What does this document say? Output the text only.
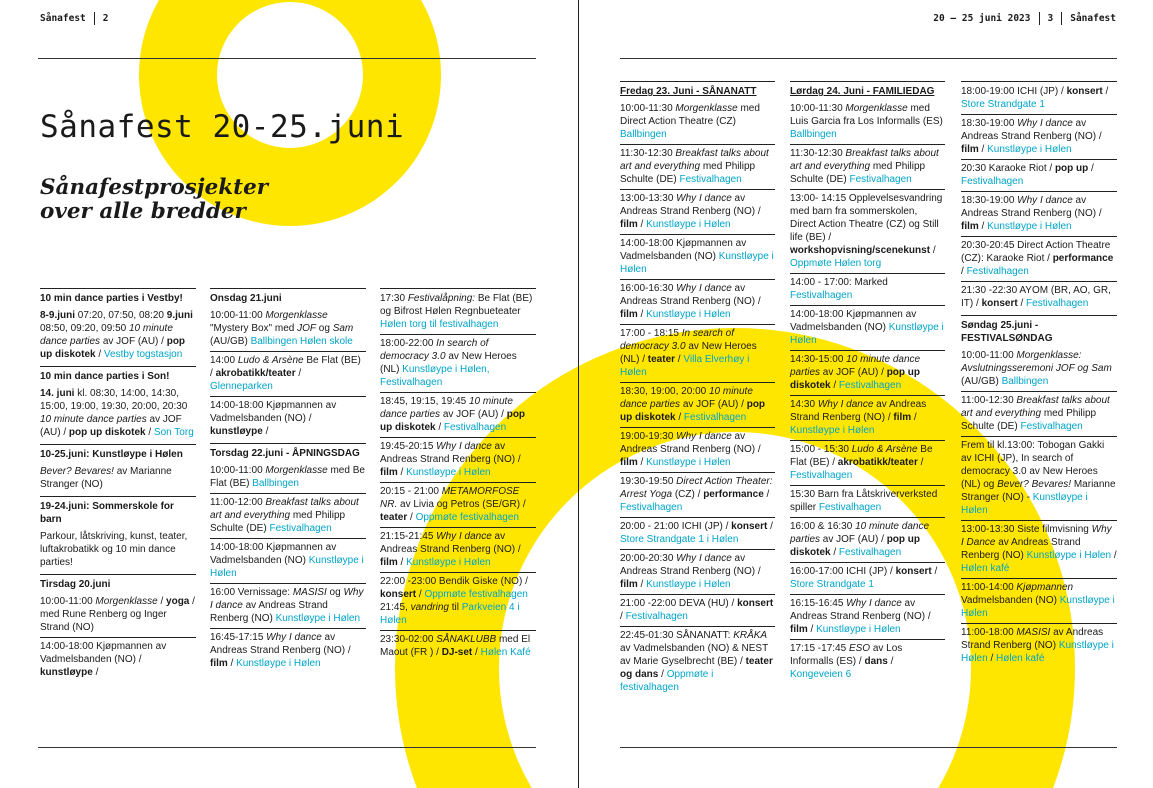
Sånafest 2	20 – 25 juni 2023 3 Sånafest
Sånafest 20-25.juni
Sånafestprosjekter
over alle bredder
10 min dance parties i Vestby!
8-9.juni 07:20, 07:50, 08:20 9.juni 08:50, 09:20, 09:50 10 minute dance parties av JOF (AU) / pop up diskotek / Vestby togstasjon
10 min dance parties i Son!
14. juni kl. 08:30, 14:00, 14:30, 15:00, 19:00, 19:30, 20:00, 20:30 10 minute dance parties av JOF (AU) / pop up diskotek / Son Torg
10-25.juni: Kunstløype i Hølen
Bever? Bevares! av Marianne Stranger (NO)
19-24.juni: Sommerskole for barn
Parkour, låtskriving, kunst, teater, luftakrobatikk og 10 min dance parties!
Tirsdag 20.juni
10:00-11:00 Morgenklasse / yoga / med Rune Renberg og Inger Strand (NO)
14:00-18:00 Kjøpmannen av Vadmelsbanden (NO) / kunstløype /
Onsdag 21.juni
10:00-11:00 Morgenklasse "Mystery Box" med JOF og Sam (AU/GB) Ballbingen Hølen skole
14:00 Ludo & Arsène Be Flat (BE) / akrobatikk/teater / Glenneparken
14:00-18:00 Kjøpmannen av Vadmelsbanden (NO) / kunstløype /
Torsdag 22.juni - ÅPNINGSDAG
10:00-11:00 Morgenklasse med Be Flat (BE) Ballbingen
11:00-12:00 Breakfast talks about art and everything med Philipp Schulte (DE) Festivalhagen
14:00-18:00 Kjøpmannen av Vadmelsbanden (NO) Kunstløype i Hølen
16:00 Vernissage: MASISI og Why I dance av Andreas Strand Renberg (NO) Kunstløype i Hølen
16:45-17:15 Why I dance av Andreas Strand Renberg (NO) / film / Kunstløype i Hølen
17:30 Festivalåpning: Be Flat (BE) og Bifrost Hølen Regnbueteater Hølen torg til festivalhagen
18:00-22:00 In search of democracy 3.0 av New Heroes (NL) Kunstløype i Hølen, Festivalhagen
18:45, 19:15, 19:45 10 minute dance parties av JOF (AU) / pop up diskotek / Festivalhagen
19:45-20:15 Why I dance av Andreas Strand Renberg (NO) / film / Kunstløype i Hølen
20:15 - 21:00 METAMORFOSE NR. av Livia og Petros (SE/GR) / teater / Oppmøte festivalhagen
21:15-21:45 Why I dance av Andreas Strand Renberg (NO) / film / Kunstløype i Hølen
22:00 -23:00 Bendik Giske (NO) / konsert / Oppmøte festivalhagen 21:45, vandring til Parkveien 4 i Hølen
23:30-02:00 SÅNAKLUBB med El Maout (FR ) / DJ-set / Hølen Kafé
Fredag 23. Juni - SÅNANATT
10:00-11:30 Morgenklasse med Direct Action Theatre (CZ) Ballbingen
11:30-12:30 Breakfast talks about art and everything med Philipp Schulte (DE) Festivalhagen
13:00-13:30 Why I dance av Andreas Strand Renberg (NO) / film / Kunstløype i Hølen
14:00-18:00 Kjøpmannen av Vadmelsbanden (NO) Kunstløype i Hølen
16:00-16:30 Why I dance av Andreas Strand Renberg (NO) / film / Kunstløype i Hølen
17:00 - 18:15 In search of democracy 3.0 av New Heroes (NL) / teater / Villa Elverhøy i Hølen
18:30, 19:00, 20:00 10 minute dance parties av JOF (AU) / pop up diskotek / Festivalhagen
19:00-19:30 Why I dance av Andreas Strand Renberg (NO) / film / Kunstløype i Hølen
19:30-19:50 Direct Action Theater: Arrest Yoga (CZ) / performance / Festivalhagen
20:00 - 21:00 ICHI (JP) / konsert / Store Strandgate 1 i Hølen
20:00-20:30 Why I dance av Andreas Strand Renberg (NO) / film / Kunstløype i Hølen
21:00 -22:00 DEVA (HU) / konsert / Festivalhagen
22:45-01:30 SÅNANATT: KRÅKA av Vadmelsbanden (NO) & NEST av Marie Gyselbrecht (BE) / teater og dans / Oppmøte i festivalhagen
Lørdag 24. Juni - FAMILIEDAG
10:00-11:30 Morgenklasse med Luis Garcia fra Los Informalls (ES) Ballbingen
11:30-12:30 Breakfast talks about art and everything med Philipp Schulte (DE) Festivalhagen
13:00- 14:15 Opplevelsesvandring med barn fra sommerskolen, Direct Action Theatre (CZ) og Still life (BE) / workshopvisning/scenekunst / Oppmøte Hølen torg
14:00 - 17:00: Marked Festivalhagen
14:00-18:00 Kjøpmannen av Vadmelsbanden (NO) Kunstløype i Hølen
14:30-15:00 10 minute dance parties av JOF (AU) / pop up diskotek / Festivalhagen
14:30 Why I dance av Andreas Strand Renberg (NO) / film / Kunstløype i Hølen
15:00 - 15:30 Ludo & Arsène Be Flat (BE) / akrobatikk/teater / Festivalhagen
15:30 Barn fra Låtskriververksted spiller Festivalhagen
16:00 & 16:30 10 minute dance parties av JOF (AU) / pop up diskotek / Festivalhagen
16:00-17:00 ICHI (JP) / konsert / Store Strandgate 1
16:15-16:45 Why I dance av Andreas Strand Renberg (NO) / film / Kunstløype i Hølen
17:15 -17:45 ESO av Los Informalls (ES) / dans / Kongeveien 6
18:00-19:00 ICHI (JP) / konsert / Store Strandgate 1
18:30-19:00 Why I dance av Andreas Strand Renberg (NO) / film / Kunstløype i Hølen
20:30 Karaoke Riot / pop up / Festivalhagen
18:30-19:00 Why I dance av Andreas Strand Renberg (NO) / film / Kunstløype i Hølen
20:30-20:45 Direct Action Theatre (CZ): Karaoke Riot / performance / Festivalhagen
21:30 -22:30 AYOM (BR, AO, GR, IT) / konsert / Festivalhagen
Søndag 25.juni - FESTIVALSØNDAG
10:00-11:00 Morgenklasse: Avslutningsseremoni JOF og Sam (AU/GB) Ballbingen
11:00-12:30 Breakfast talks about art and everything med Philipp Schulte (DE) Festivalhagen
Frem til kl.13:00: Tobogan Gakki av ICHI (JP), In search of democracy 3.0 av New Heroes (NL) og Bever? Bevares! Marianne Stranger (NO) - Kunstløype i Hølen
13:00-13:30 Siste filmvisning Why I Dance av Andreas Strand Renberg (NO) Kunstløype i Hølen / Hølen kafé
11:00-14:00 Kjøpmannen Vadmelsbanden (NO) Kunstløype i Hølen
11:00-18:00 MASISI av Andreas Strand Renberg (NO) Kunstløype i Hølen / Hølen kafé
